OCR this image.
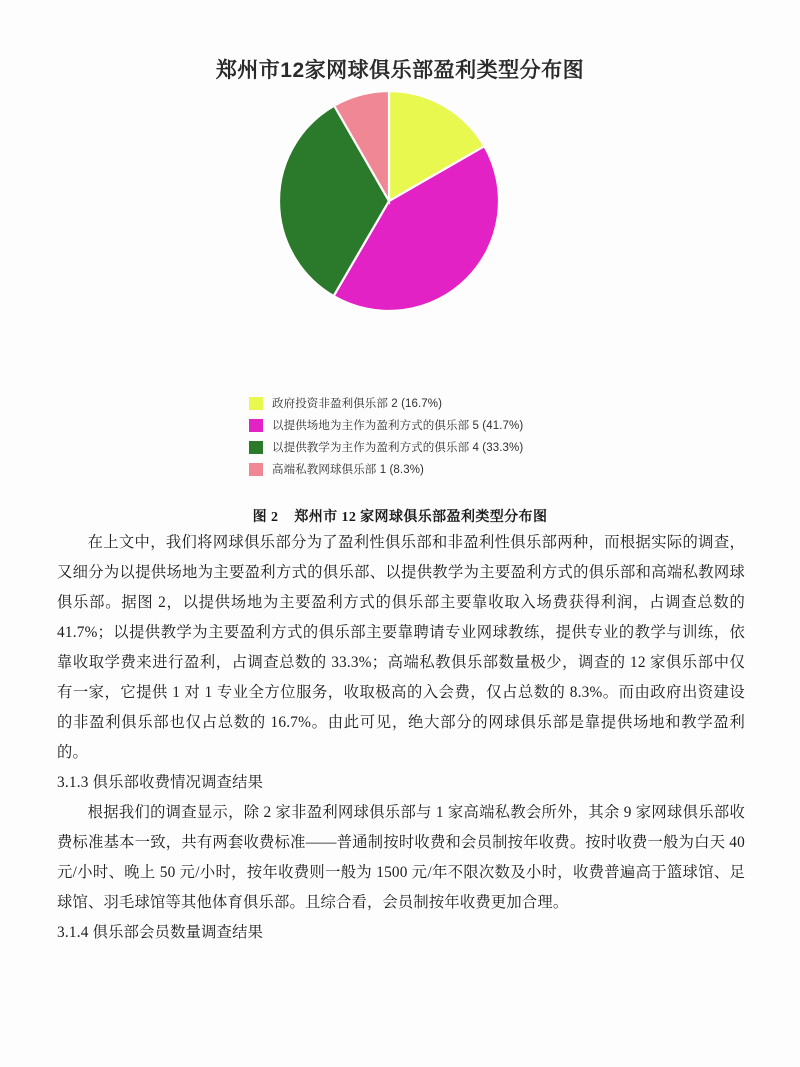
郑州市12家网球俱乐部盈利类型分布图
政府投资非盈利俱乐部 2 (16.7%)
以提供场地为主作为盈利方式的俱乐部 5 (41.7%)
以提供教学为主作为盈利方式的俱乐部 4 (33.3%)
高端私教网球俱乐部 1 (8.3%)
图 2 郑州市 12 家网球俱乐部盈利类型分布图

在上文中，我们将网球俱乐部分为了盈利性俱乐部和非盈利性俱乐部两种，而根据实际的调查，又细分为以提供场地为主要盈利方式的俱乐部、以提供教学为主要盈利方式的俱乐部和高端私教网球俱乐部。据图 2，以提供场地为主要盈利方式的俱乐部主要靠收取入场费获得利润，占调查总数的 41.7%；以提供教学为主要盈利方式的俱乐部主要靠聘请专业网球教练，提供专业的教学与训练，依靠收取学费来进行盈利，占调查总数的 33.3%；高端私教俱乐部数量极少，调查的 12 家俱乐部中仅有一家，它提供 1 对 1 专业全方位服务，收取极高的入会费，仅占总数的 8.3%。而由政府出资建设的非盈利俱乐部也仅占总数的 16.7%。由此可见，绝大部分的网球俱乐部是靠提供场地和教学盈利的。

3.1.3 俱乐部收费情况调查结果

根据我们的调查显示，除 2 家非盈利网球俱乐部与 1 家高端私教会所外，其余 9 家网球俱乐部收费标准基本一致，共有两套收费标准——普通制按时收费和会员制按年收费。按时收费一般为白天 40 元/小时、晚上 50 元/小时，按年收费则一般为 1500 元/年不限次数及小时，收费普遍高于篮球馆、足球馆、羽毛球馆等其他体育俱乐部。且综合看，会员制按年收费更加合理。

3.1.4 俱乐部会员数量调查结果
